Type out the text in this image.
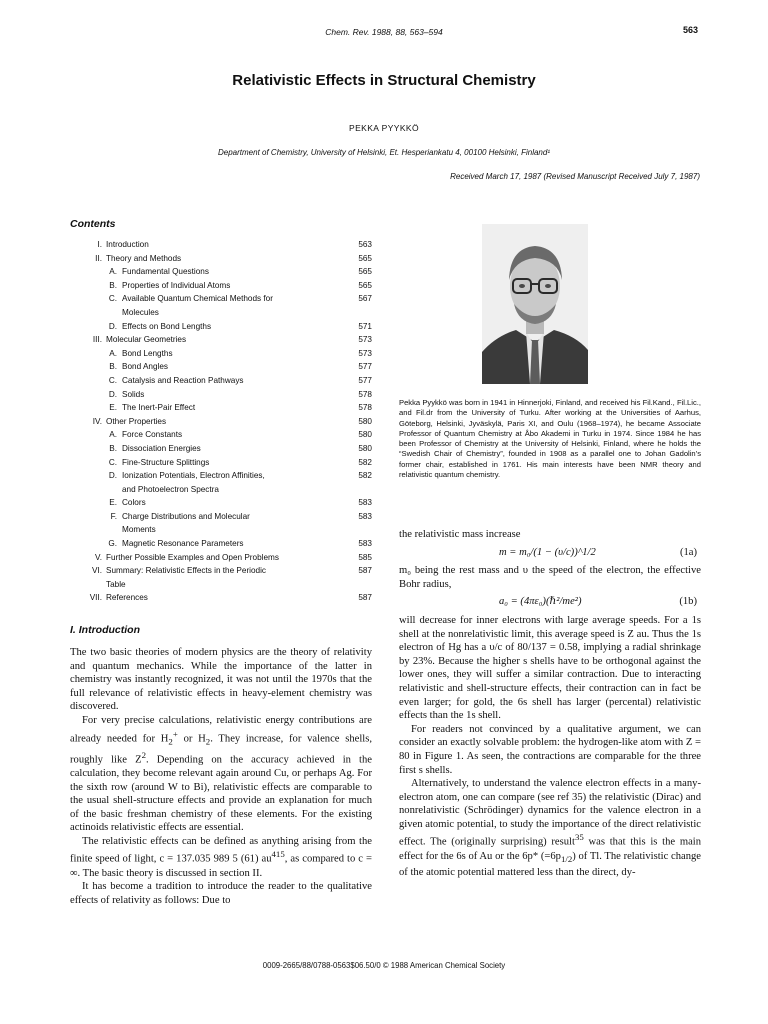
Chem. Rev. 1988, 88, 563–594	563
Relativistic Effects in Structural Chemistry
PEKKA PYYKKÖ
Department of Chemistry, University of Helsinki, Et. Hesperiankatu 4, 00100 Helsinki, Finland¹
Received March 17, 1987 (Revised Manuscript Received July 7, 1987)
Contents
I. Introduction	563
II. Theory and Methods	565
A. Fundamental Questions	565
B. Properties of Individual Atoms	565
C. Available Quantum Chemical Methods for	567
Molecules
D. Effects on Bond Lengths	571
III. Molecular Geometries	573
A. Bond Lengths	573
B. Bond Angles	577
C. Catalysis and Reaction Pathways	577
D. Solids	578
E. The Inert-Pair Effect	578
IV. Other Properties	580
A. Force Constants	580
B. Dissociation Energies	580
C. Fine-Structure Splittings	582
D. Ionization Potentials, Electron Affinities,	582
and Photoelectron Spectra
E. Colors	583
F. Charge Distributions and Molecular	583
Moments
G. Magnetic Resonance Parameters	583
V. Further Possible Examples and Open Problems	585
VI. Summary: Relativistic Effects in the Periodic	587
Table
VII. References	587
Pekka Pyykkö was born in 1941 in Hinnerjoki, Finland, and received his Fil.Kand., Fil.Lic., and Fil.dr from the University of Turku. After working at the Universities of Aarhus, Göteborg, Helsinki, Jyväskylä, Paris XI, and Oulu (1968–1974), he became Associate Professor of Quantum Chemistry at Åbo Akademi in Turku in 1974. Since 1984 he has been Professor of Chemistry at the University of Helsinki, Finland, where he holds the “Swedish Chair of Chemistry”, founded in 1908 as a parallel one to Johan Gadolin’s former chair, established in 1761. His main interests have been NMR theory and relativistic quantum chemistry.

the relativistic mass increase

m = m₀/(1 − (υ/c))^1/2	(1a)

m₀ being the rest mass and υ the speed of the electron, the effective Bohr radius,

a₀ = (4πε₀)(ℏ²/me²)	(1b)

will decrease for inner electrons with large average speeds. For a 1s shell at the nonrelativistic limit, this average speed is Z au. Thus the 1s electron of Hg has a υ/c of 80/137 = 0.58, implying a radial shrinkage by 23%. Because the higher s shells have to be orthogonal against the lower ones, they will suffer a similar contraction. Due to interacting relativistic and shell-structure effects, their contraction can in fact be even larger; for gold, the 6s shell has larger (percental) relativistic effects than the 1s shell.

For readers not convinced by a qualitative argument, we can consider an exactly solvable problem: the hydrogen-like atom with Z = 80 in Figure 1. As seen, the contractions are comparable for the three first s shells.

Alternatively, to understand the valence electron effects in a many-electron atom, one can compare (see ref 35) the relativistic (Dirac) and nonrelativistic (Schrödinger) dynamics for the valence electron in a given atomic potential, to study the importance of the direct relativistic effect. The (originally surprising) result$^{35}$ was that this is the main effect for the 6s of Au or the 6p* $(=6p_{1/2})$ of Tl. The relativistic change of the atomic potential mattered less than the direct, dy-

I. Introduction

The two basic theories of modern physics are the theory of relativity and quantum mechanics. While the importance of the latter in chemistry was instantly recognized, it was not until the 1970s that the full relevance of relativistic effects in heavy-element chemistry was discovered.

For very precise calculations, relativistic energy contributions are already needed for $H_2^+$ or $H_2$. They increase, for valence shells, roughly like $Z^2$. Depending on the accuracy achieved in the calculation, they become relevant again around Cu, or perhaps Ag. For the sixth row (around W to Bi), relativistic effects are comparable to the usual shell-structure effects and provide an explanation for much of the basic freshman chemistry of these elements. For the existing actinoids relativistic effects are essential.

The relativistic effects can be defined as anything arising from the finite speed of light, c = 137.035 989 5 (61) $au^{415}$, as compared to c = ∞. The basic theory is discussed in section II.

It has become a tradition to introduce the reader to the qualitative effects of relativity as follows: Due to

0009-2665/88/0788-0563$06.50/0 © 1988 American Chemical Society
